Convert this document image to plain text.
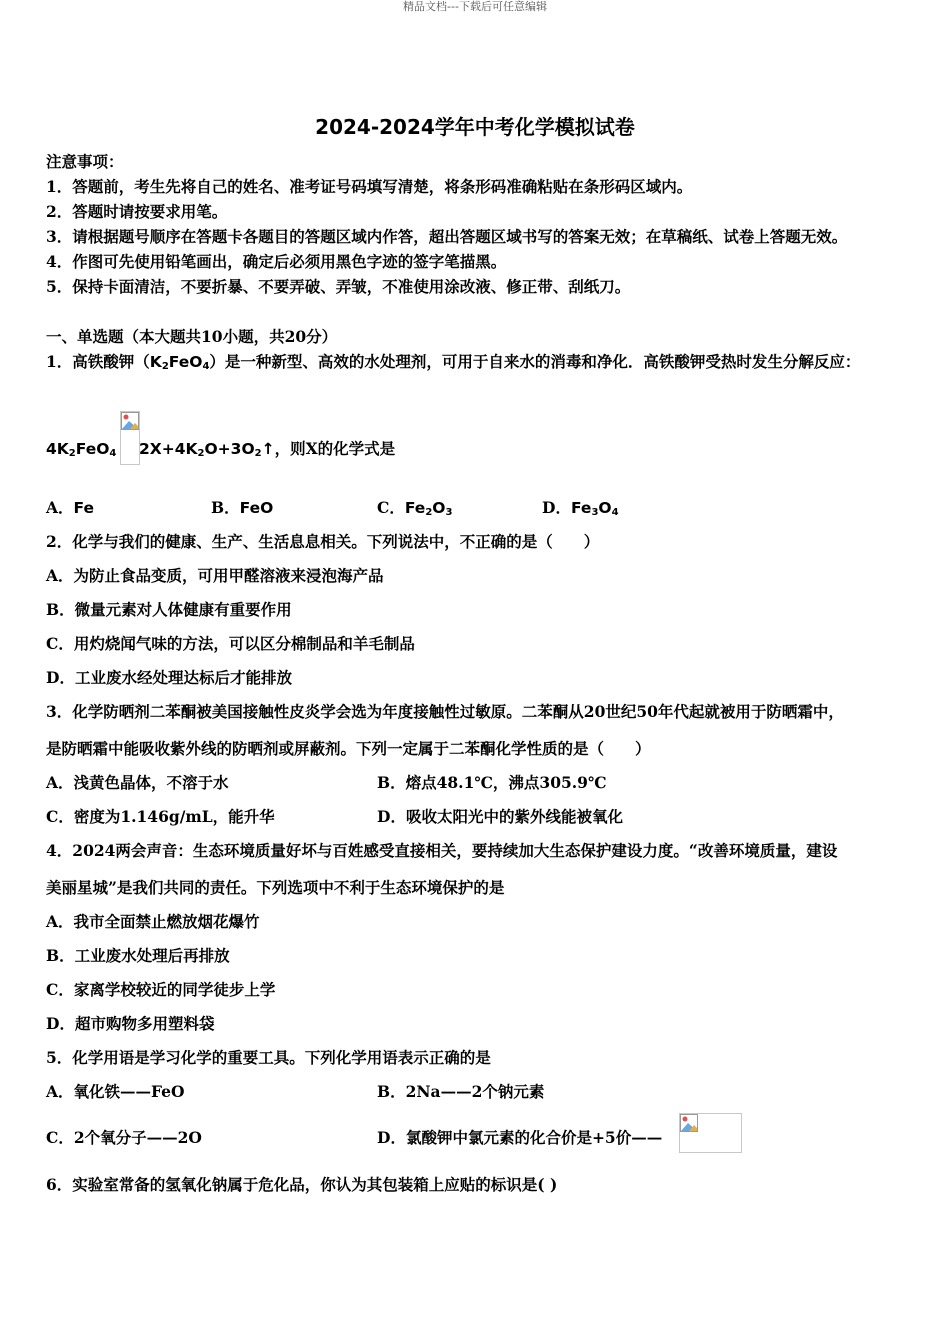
精品文档---下载后可任意编辑
2024-2024学年中考化学模拟试卷
注意事项：
1．答题前，考生先将自己的姓名、准考证号码填写清楚，将条形码准确粘贴在条形码区域内。
2．答题时请按要求用笔。
3．请根据题号顺序在答题卡各题目的答题区域内作答，超出答题区域书写的答案无效；在草稿纸、试卷上答题无效。
4．作图可先使用铅笔画出，确定后必须用黑色字迹的签字笔描黑。
5．保持卡面清洁，不要折暴、不要弄破、弄皱，不准使用涂改液、修正带、刮纸刀。
一、单选题（本大题共10小题，共20分）
1．高铁酸钾$(K_2FeO_4)$是一种新型、高效的水处理剂，可用于自来水的消毒和净化．高铁酸钾受热时发生分解反应：
$4K_2FeO_4$ $2X+4K_2O+3O_2↑$，则X的化学式是
A．Fe	B．FeO	C．$Fe_2O_3$	D．$Fe_3O_4$
2．化学与我们的健康、生产、生活息息相关。下列说法中，不正确的是（　　）
A．为防止食品变质，可用甲醛溶液来浸泡海产品
B．微量元素对人体健康有重要作用
C．用灼烧闻气味的方法，可以区分棉制品和羊毛制品
D．工业废水经处理达标后才能排放
3．化学防晒剂二苯酮被美国接触性皮炎学会选为年度接触性过敏原。二苯酮从20世纪50年代起就被用于防晒霜中，
是防晒霜中能吸收紫外线的防晒剂或屏蔽剂。下列一定属于二苯酮化学性质的是（　　）
A．浅黄色晶体，不溶于水	B．熔点48.1℃，沸点305.9℃
C．密度为1.146g/mL，能升华	D．吸收太阳光中的紫外线能被氧化
4．2024两会声音：生态环境质量好坏与百姓感受直接相关，要持续加大生态保护建设力度。“改善环境质量，建设
美丽星城”是我们共同的责任。下列选项中不利于生态环境保护的是
A．我市全面禁止燃放烟花爆竹
B．工业废水处理后再排放
C．家离学校较近的同学徒步上学
D．超市购物多用塑料袋
5．化学用语是学习化学的重要工具。下列化学用语表示正确的是
A．氧化铁——FeO	B．2Na——2个钠元素
C．2个氧分子——2O	D．氯酸钾中氯元素的化合价是+5价——
6．实验室常备的氢氧化钠属于危化品，你认为其包装箱上应贴的标识是( )
